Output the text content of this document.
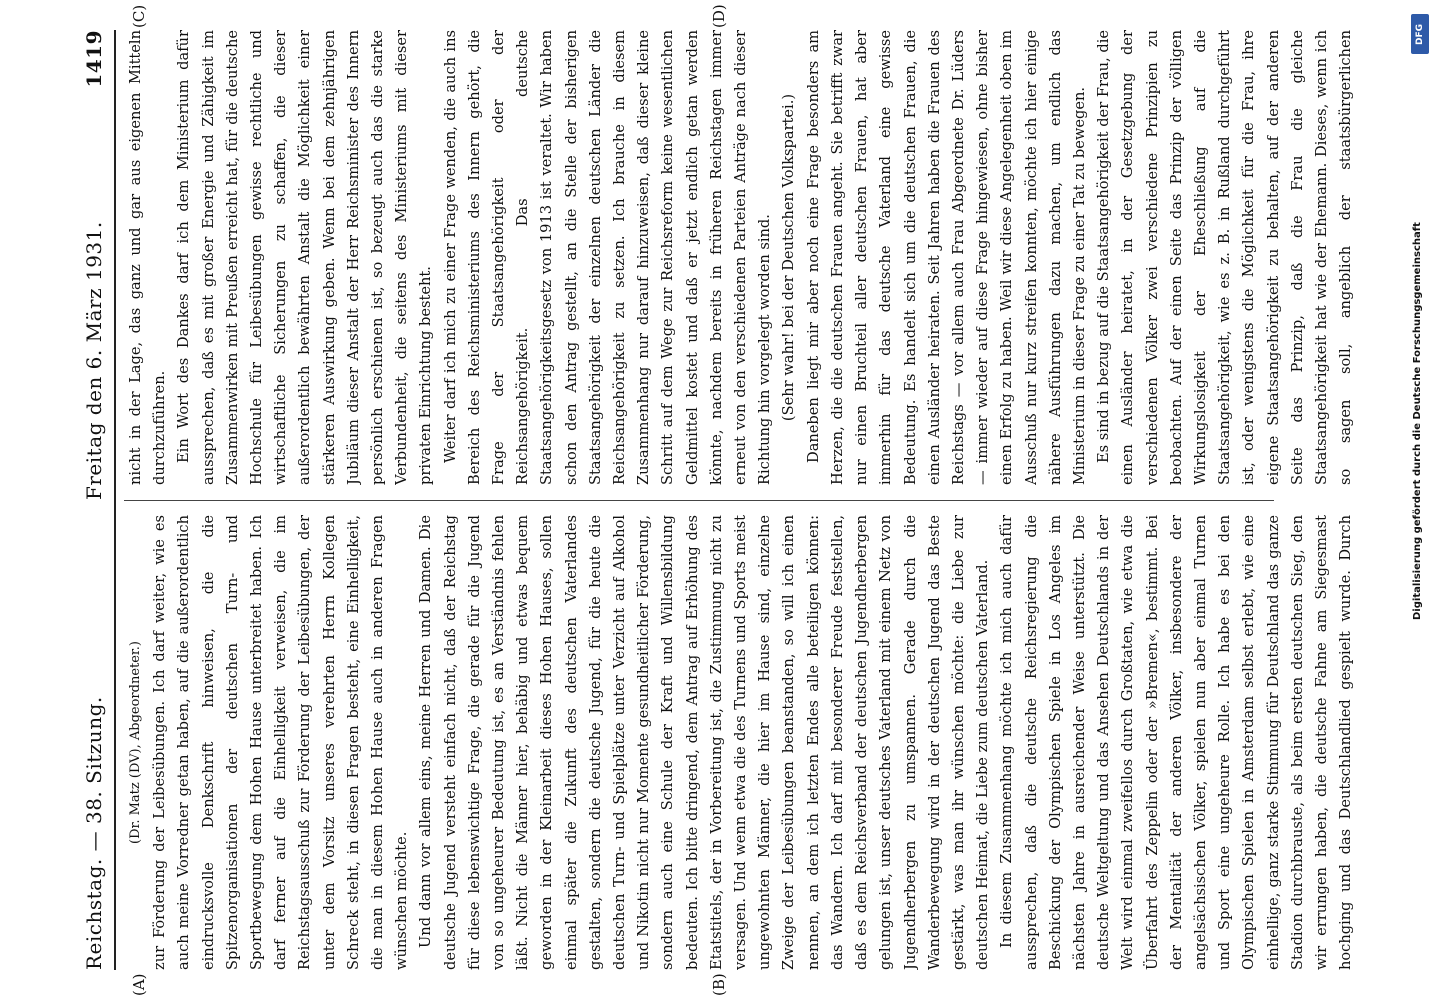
Reichstag. — 38. Sitzung.
Freitag den 6. März 1931.
1419
(A)	(B)
(C)	(D)

(Dr. Matz (DV), Abgeordneter.) zur Förderung der Leibesübungen. Ich darf weiter, wie es auch meine Vorredner getan haben, auf die außerordentlich eindrucksvolle Denkschrift hinweisen, die die Spitzenorganisationen der deutschen Turn- und Sportbewegung dem Hohen Hause unterbreitet haben. Ich darf ferner auf die Einhelligkeit verweisen, die im Reichstagsausschuß zur Förderung der Leibesübungen, der unter dem Vorsitz unseres verehrten Herrn Kollegen Schreck steht, in diesen Fragen besteht, eine Einhelligkeit, die man in diesem Hohen Hause auch in anderen Fragen wünschen möchte. Und dann vor allem eins, meine Herren und Damen. Die deutsche Jugend versteht einfach nicht, daß der Reichstag für diese lebenswichtige Frage, die gerade für die Jugend von so ungeheurer Bedeutung ist, es an Verständnis fehlen läßt. Nicht die Männer hier, behäbig und etwas bequem geworden in der Kleinarbeit dieses Hohen Hauses, sollen einmal später die Zukunft des deutschen Vaterlandes gestalten, sondern die deutsche Jugend, für die heute die deutschen Turn- und Spielplätze unter Verzicht auf Alkohol und Nikotin nicht nur Momente gesundheitlicher Förderung, sondern auch eine Schule der Kraft und Willensbildung bedeuten. Ich bitte dringend, dem Antrag auf Erhöhung des Etatstitels, der in Vorbereitung ist, die Zustimmung nicht zu versagen. Und wenn etwa die des Turnens und Sports meist ungewohnten Männer, die hier im Hause sind, einzelne Zweige der Leibesübungen beanstanden, so will ich einen nennen, an dem ich letzten Endes alle beteiligen können: das Wandern. Ich darf mit besonderer Freude feststellen, daß es dem Reichsverband der deutschen Jugendherbergen gelungen ist, unser deutsches Vaterland mit einem Netz von Jugendherbergen zu umspannen. Gerade durch die Wanderbewegung wird in der deutschen Jugend das Beste gestärkt, was man ihr wünschen möchte: die Liebe zur deutschen Heimat, die Liebe zum deutschen Vaterland. In diesem Zusammenhang möchte ich mich auch dafür aussprechen, daß die deutsche Reichsregierung die Beschickung der Olympischen Spiele in Los Angeles im nächsten Jahre in ausreichender Weise unterstützt. Die deutsche Weltgeltung und das Ansehen Deutschlands in der Welt wird einmal zweifellos durch Großtaten, wie etwa die Überfahrt des Zeppelin oder der »Bremen«, bestimmt. Bei der Mentalität der anderen Völker, insbesondere der angelsächsischen Völker, spielen nun aber einmal Turnen und Sport eine ungeheure Rolle. Ich habe es bei den Olympischen Spielen in Amsterdam selbst erlebt, wie eine einhellige, ganz starke Stimmung für Deutschland das ganze Stadion durchbrauste, als beim ersten deutschen Sieg, den wir errungen haben, die deutsche Fahne am Siegesmast hochging und das Deutschlandlied gespielt wurde. Durch

nicht in der Lage, das ganz und gar aus eigenen Mitteln durchzuführen. Ein Wort des Dankes darf ich dem Ministerium dafür aussprechen, daß es mit großer Energie und Zähigkeit im Zusammenwirken mit Preußen erreicht hat, für die deutsche Hochschule für Leibesübungen gewisse rechtliche und wirtschaftliche Sicherungen zu schaffen, die dieser außerordentlich bewährten Anstalt die Möglichkeit einer stärkeren Auswirkung geben. Wenn bei dem zehnjährigen Jubiläum dieser Anstalt der Herr Reichsminister des Innern persönlich erschienen ist, so bezeugt auch das die starke Verbundenheit, die seitens des Ministeriums mit dieser privaten Einrichtung besteht. Weiter darf ich mich zu einer Frage wenden, die auch ins Bereich des Reichsministeriums des Innern gehört, die Frage der Staatsangehörigkeit oder der Reichsangehörigkeit. Das deutsche Staatsangehörigkeitsgesetz von 1913 ist veraltet. Wir haben schon den Antrag gestellt, an die Stelle der bisherigen Staatsangehörigkeit der einzelnen deutschen Länder die Reichsangehörigkeit zu setzen. Ich brauche in diesem Zusammenhang nur darauf hinzuweisen, daß dieser kleine Schritt auf dem Wege zur Reichsreform keine wesentlichen Geldmittel kostet und daß er jetzt endlich getan werden könnte, nachdem bereits in früheren Reichstagen immer erneut von den verschiedenen Parteien Anträge nach dieser Richtung hin vorgelegt worden sind. (Sehr wahr! bei der Deutschen Volkspartei.) Daneben liegt mir aber noch eine Frage besonders am Herzen, die die deutschen Frauen angeht. Sie betrifft zwar nur einen Bruchteil aller deutschen Frauen, hat aber immerhin für das deutsche Vaterland eine gewisse Bedeutung. Es handelt sich um die deutschen Frauen, die einen Ausländer heiraten. Seit Jahren haben die Frauen des Reichstags — vor allem auch Frau Abgeordnete Dr. Lüders — immer wieder auf diese Frage hingewiesen, ohne bisher einen Erfolg zu haben. Weil wir diese Angelegenheit oben im Ausschuß nur kurz streifen konnten, möchte ich hier einige nähere Ausführungen dazu machen, um endlich das Ministerium in dieser Frage zu einer Tat zu bewegen. Es sind in bezug auf die Staatsangehörigkeit der Frau, die einen Ausländer heiratet, in der Gesetzgebung der verschiedenen Völker zwei verschiedene Prinzipien zu beobachten. Auf der einen Seite das Prinzip der völligen Wirkungslosigkeit der Eheschließung auf die Staatsangehörigkeit, wie es z. B. in Rußland durchgeführt ist, oder wenigstens die Möglichkeit für die Frau, ihre eigene Staatsangehörigkeit zu behalten, auf der anderen Seite das Prinzip, daß die Frau die gleiche Staatsangehörigkeit hat wie der Ehemann. Dieses, wenn ich so sagen soll, angeblich der staatsbürgerlichen	DFG
Digitalisierung gefördert durch die Deutsche Forschungsgemeinschaft
